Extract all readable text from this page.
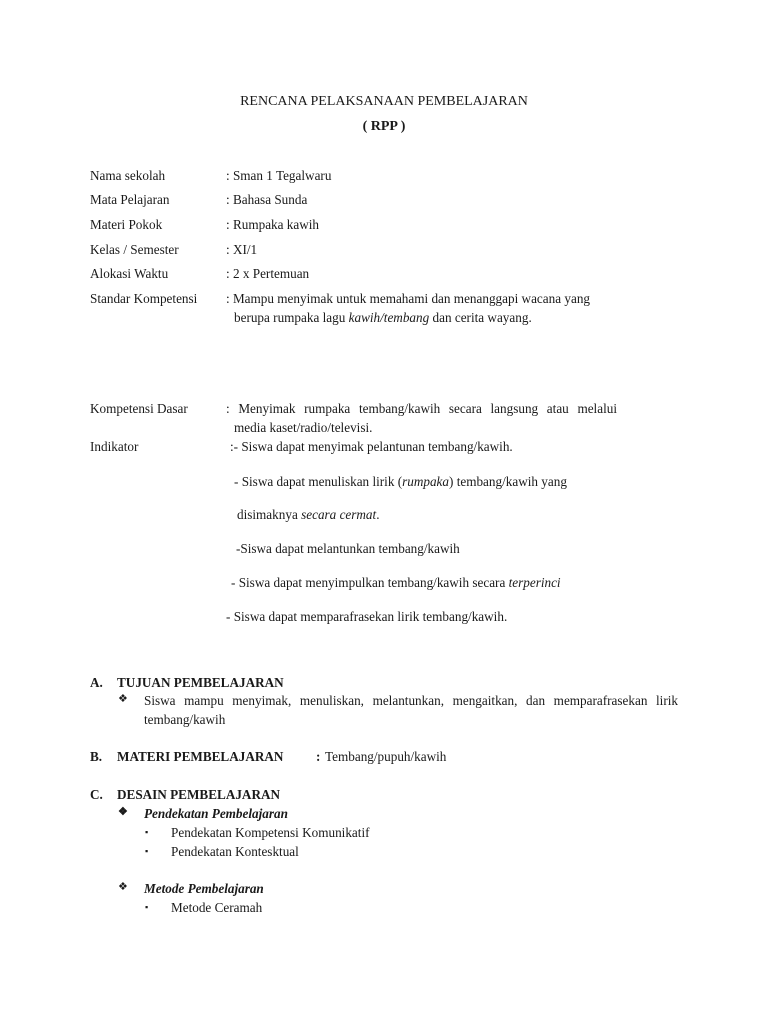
RENCANA PELAKSANAAN PEMBELAJARAN
( RPP )
Nama sekolah	: Sman 1 Tegalwaru
Mata Pelajaran	: Bahasa Sunda
Materi Pokok	: Rumpaka kawih
Kelas / Semester	: XI/1
Alokasi Waktu	: 2 x Pertemuan
Standar Kompetensi : Mampu menyimak untuk memahami dan menanggapi wacana yang
berupa rumpaka lagu kawih/tembang dan cerita wayang.
Kompetensi Dasar	: Menyimak rumpaka tembang/kawih secara langsung atau melalui
media kaset/radio/televisi.
Indikator	:- Siswa dapat menyimak pelantunan tembang/kawih.
- Siswa dapat menuliskan lirik (rumpaka) tembang/kawih yang
disimaknya secara cermat.
-Siswa dapat melantunkan tembang/kawih
- Siswa dapat menyimpulkan tembang/kawih secara terperinci
- Siswa dapat memparafrasekan lirik tembang/kawih.
A. TUJUAN PEMBELAJARAN
❖ Siswa mampu menyimak, menuliskan, melantunkan, mengaitkan, dan memparafrasekan lirik
tembang/kawih
B. MATERI PEMBELAJARAN : Tembang/pupuh/kawih
C. DESAIN PEMBELAJARAN
❖ Pendekatan Pembelajaran
▪ Pendekatan Kompetensi Komunikatif
▪ Pendekatan Kontesktual
❖ Metode Pembelajaran
▪ Metode Ceramah
